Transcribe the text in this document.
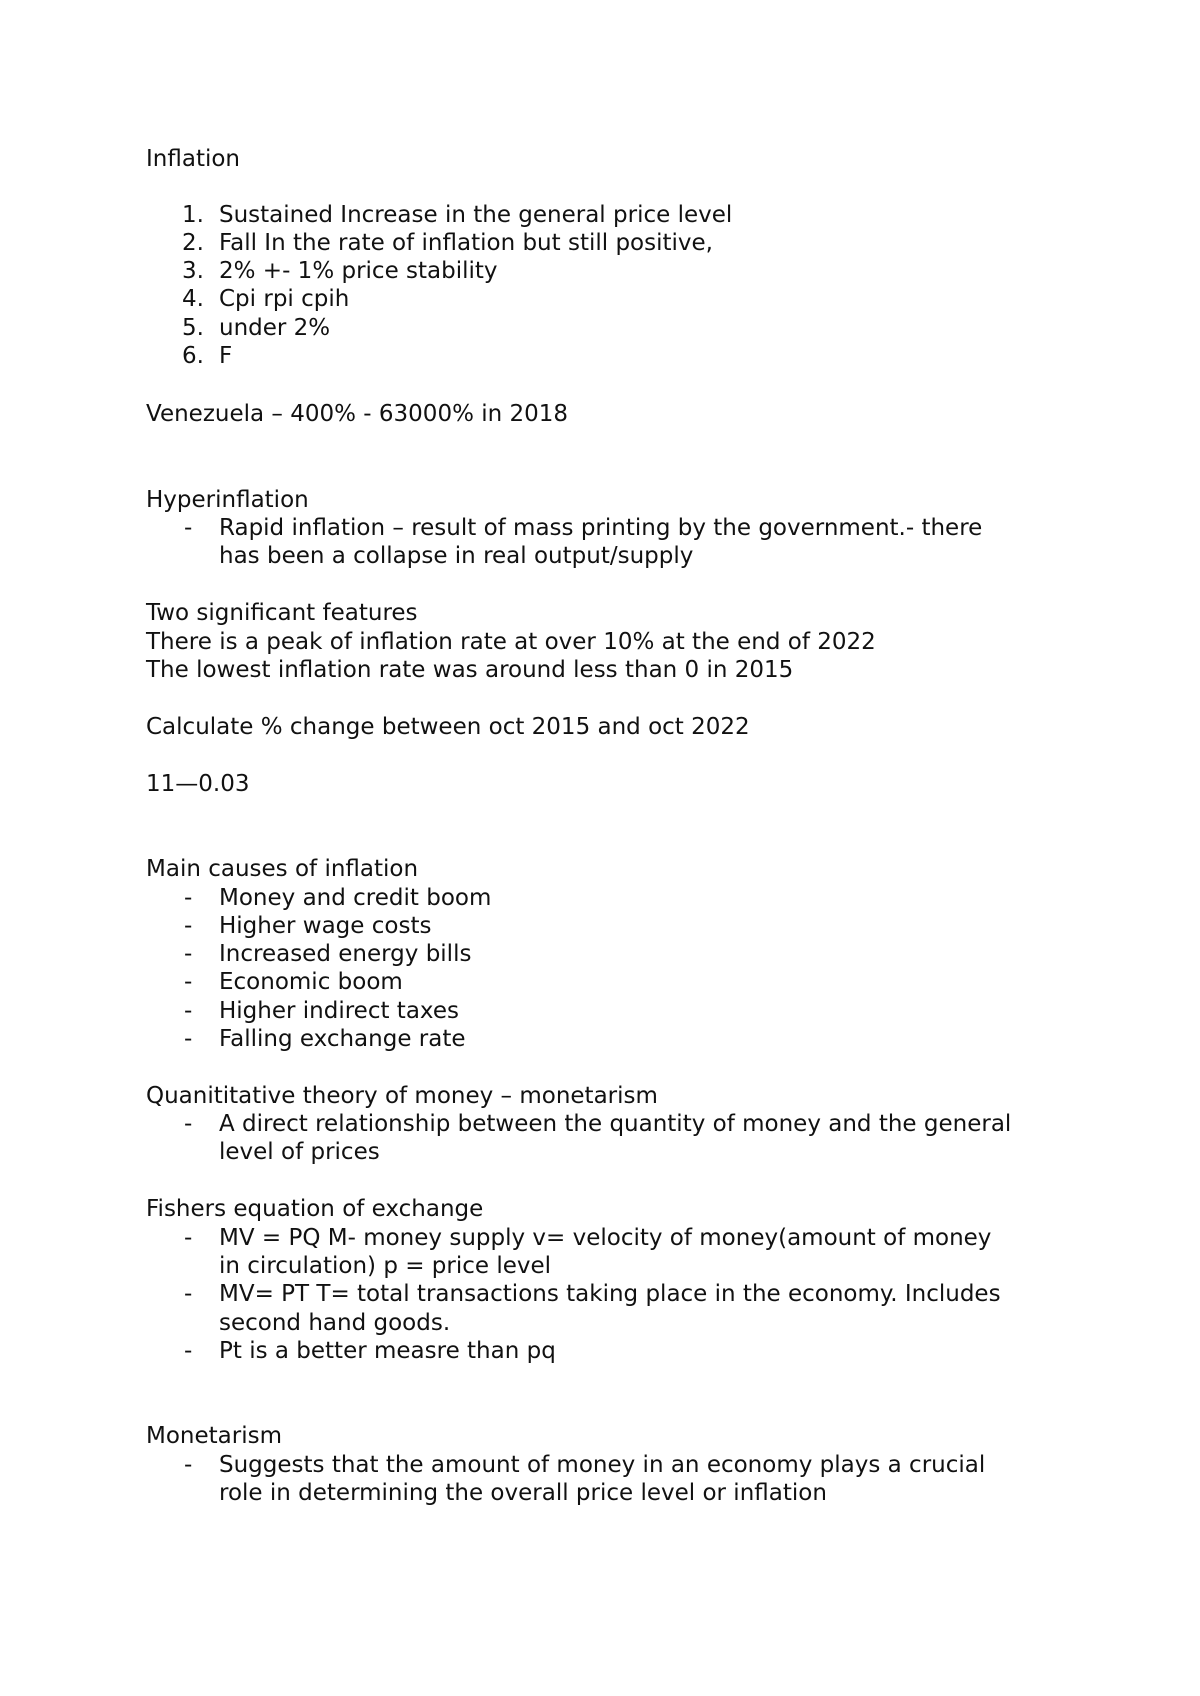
Inflation
1. Sustained Increase in the general price level
2. Fall In the rate of inflation but still positive,
3. 2% +- 1% price stability
4. Cpi rpi cpih
5. under 2%
6. F
Venezuela – 400% - 63000% in 2018
Hyperinflation
- Rapid inflation – result of mass printing by the government.- there
has been a collapse in real output/supply
Two significant features
There is a peak of inflation rate at over 10% at the end of 2022
The lowest inflation rate was around less than 0 in 2015
Calculate % change between oct 2015 and oct 2022
11—0.03
Main causes of inflation
- Money and credit boom
- Higher wage costs
- Increased energy bills
- Economic boom
- Higher indirect taxes
- Falling exchange rate
Quanititative theory of money – monetarism
- A direct relationship between the quantity of money and the general
level of prices
Fishers equation of exchange
- MV = PQ M- money supply v= velocity of money(amount of money
in circulation) p = price level
- MV= PT T= total transactions taking place in the economy. Includes
second hand goods.
- Pt is a better measre than pq
Monetarism
- Suggests that the amount of money in an economy plays a crucial
role in determining the overall price level or inflation
